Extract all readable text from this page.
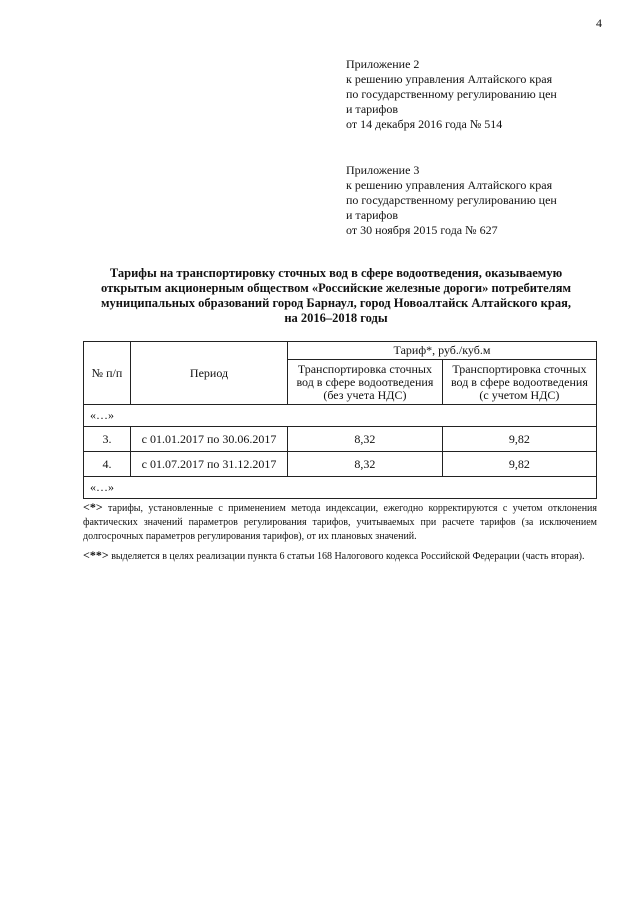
4
Приложение 2
к решению управления Алтайского края
по государственному регулированию цен
и тарифов
от 14 декабря 2016 года № 514
Приложение 3
к решению управления Алтайского края
по государственному регулированию цен
и тарифов
от 30 ноября 2015 года № 627
Тарифы на транспортировку сточных вод в сфере водоотведения, оказываемую
открытым акционерным обществом «Российские железные дороги» потребителям
муниципальных образований город Барнаул, город Новоалтайск Алтайского края,
на 2016–2018 годы
№ п/п	Период	Тариф*, руб./куб.м	
		Транспортировка сточных вод в сфере водоотведения (без учета НДС)	Транспортировка сточных вод в сфере водоотведения (с учетом НДС)
«…»			
3.	с 01.01.2017 по 30.06.2017	8,32	9,82
4.	с 01.07.2017 по 31.12.2017	8,32	9,82
«…»			
<*> тарифы, установленные с применением метода индексации, ежегодно корректируются с учетом отклонения фактических значений параметров регулирования тарифов, учитываемых при расчете тарифов (за исключением долгосрочных параметров регулирования тарифов), от их плановых значений.
<**> выделяется в целях реализации пункта 6 статьи 168 Налогового кодекса Российской Федерации (часть вторая).
